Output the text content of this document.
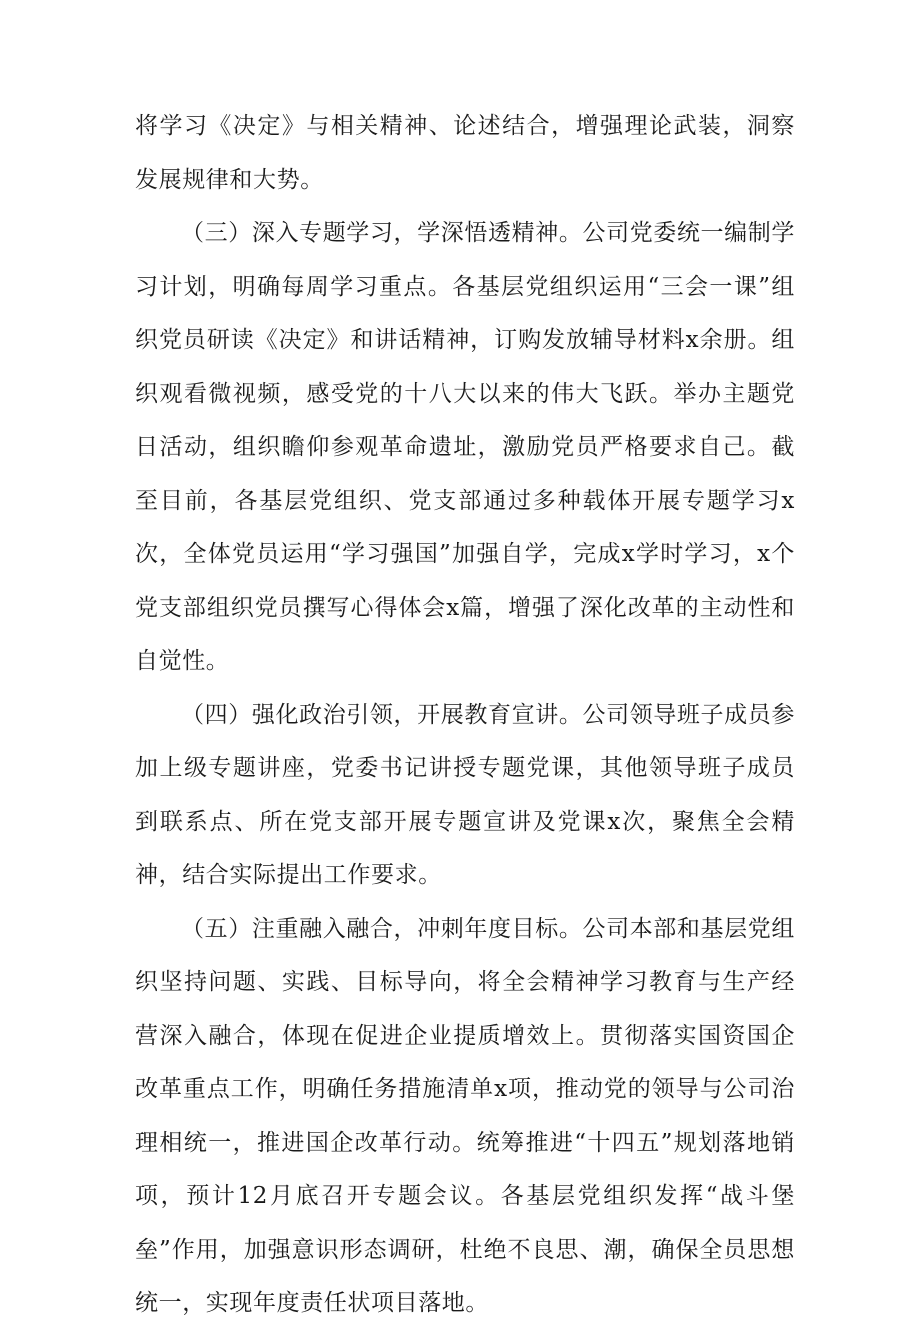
将学习《决定》与相关精神、论述结合，增强理论武装，洞察发展规律和大势。

（三）深入专题学习，学深悟透精神。公司党委统一编制学习计划，明确每周学习重点。各基层党组织运用“三会一课”组织党员研读《决定》和讲话精神，订购发放辅导材料x余册。组织观看微视频，感受党的十八大以来的伟大飞跃。举办主题党日活动，组织瞻仰参观革命遗址，激励党员严格要求自己。截至目前，各基层党组织、党支部通过多种载体开展专题学习x次，全体党员运用“学习强国”加强自学，完成x学时学习，x个党支部组织党员撰写心得体会x篇，增强了深化改革的主动性和自觉性。

（四）强化政治引领，开展教育宣讲。公司领导班子成员参加上级专题讲座，党委书记讲授专题党课，其他领导班子成员到联系点、所在党支部开展专题宣讲及党课x次，聚焦全会精神，结合实际提出工作要求。

（五）注重融入融合，冲刺年度目标。公司本部和基层党组织坚持问题、实践、目标导向，将全会精神学习教育与生产经营深入融合，体现在促进企业提质增效上。贯彻落实国资国企改革重点工作，明确任务措施清单x项，推动党的领导与公司治理相统一，推进国企改革行动。统筹推进“十四五”规划落地销项，预计12月底召开专题会议。各基层党组织发挥“战斗堡垒”作用，加强意识形态调研，杜绝不良思、潮，确保全员思想统一，实现年度责任状项目落地。
